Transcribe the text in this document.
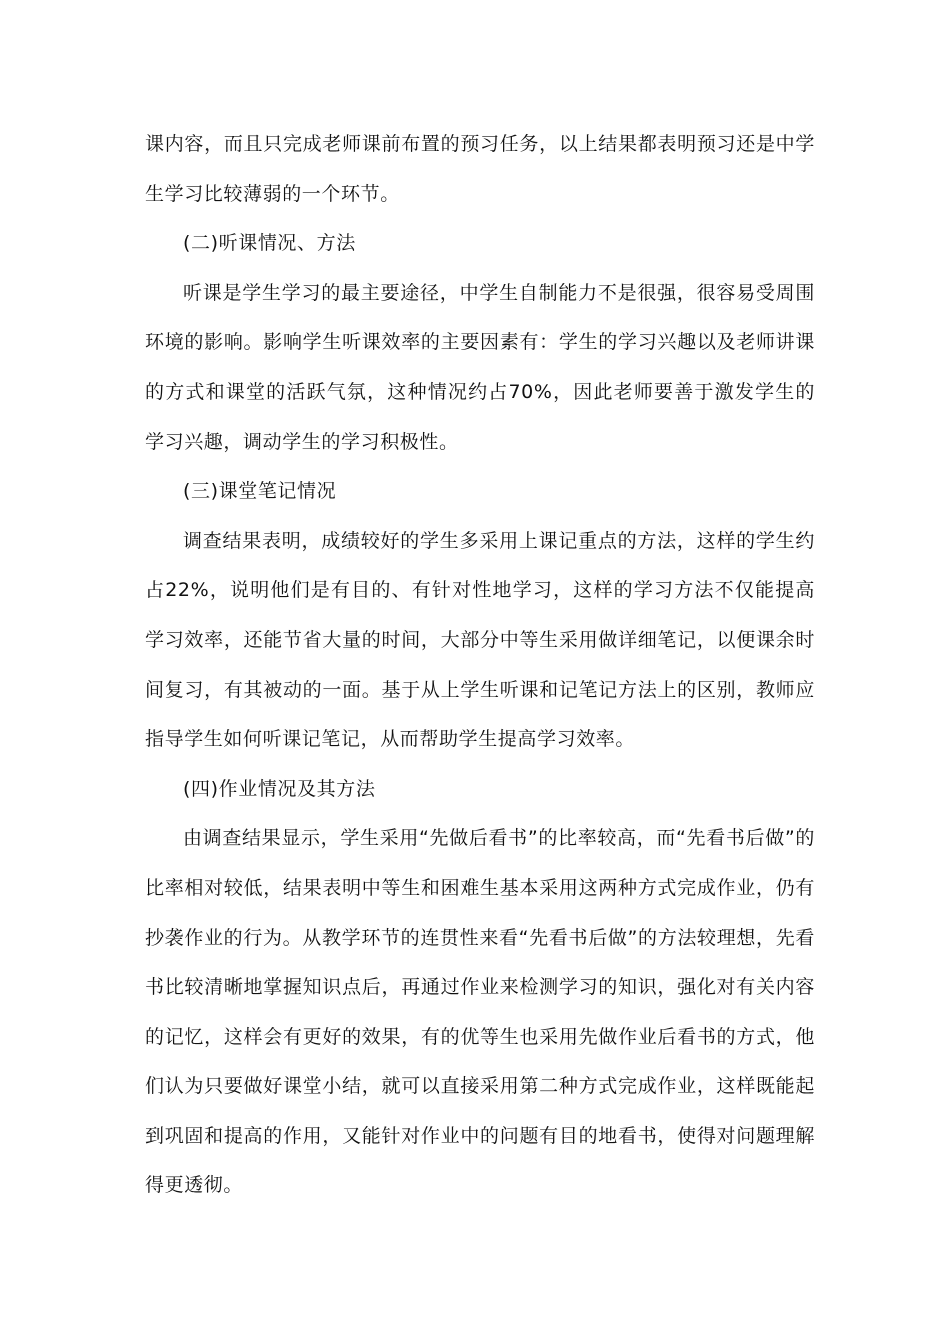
课内容，而且只完成老师课前布置的预习任务，以上结果都表明预习还是中学生学习比较薄弱的一个环节。

(二)听课情况、方法

听课是学生学习的最主要途径，中学生自制能力不是很强，很容易受周围环境的影响。影响学生听课效率的主要因素有：学生的学习兴趣以及老师讲课的方式和课堂的活跃气氛，这种情况约占70%，因此老师要善于激发学生的学习兴趣，调动学生的学习积极性。

(三)课堂笔记情况

调查结果表明，成绩较好的学生多采用上课记重点的方法，这样的学生约占22%，说明他们是有目的、有针对性地学习，这样的学习方法不仅能提高学习效率，还能节省大量的时间，大部分中等生采用做详细笔记，以便课余时间复习，有其被动的一面。基于从上学生听课和记笔记方法上的区别，教师应指导学生如何听课记笔记，从而帮助学生提高学习效率。

(四)作业情况及其方法

由调查结果显示，学生采用“先做后看书”的比率较高，而“先看书后做”的比率相对较低，结果表明中等生和困难生基本采用这两种方式完成作业，仍有抄袭作业的行为。从教学环节的连贯性来看“先看书后做”的方法较理想，先看书比较清晰地掌握知识点后，再通过作业来检测学习的知识，强化对有关内容的记忆，这样会有更好的效果，有的优等生也采用先做作业后看书的方式，他们认为只要做好课堂小结，就可以直接采用第二种方式完成作业，这样既能起到巩固和提高的作用，又能针对作业中的问题有目的地看书，使得对问题理解得更透彻。
